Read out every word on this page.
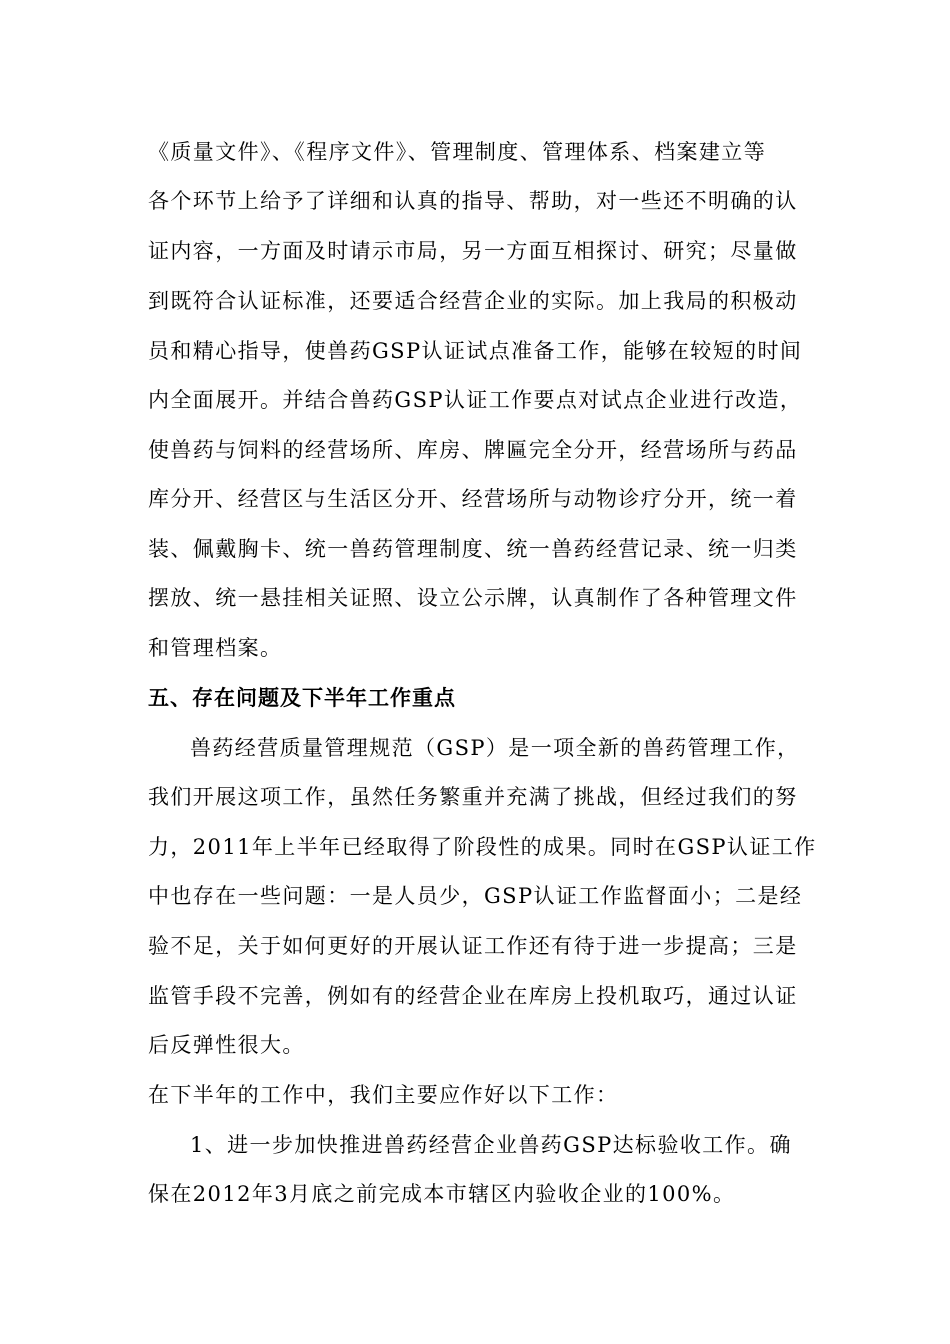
《质量文件》、《程序文件》、管理制度、管理体系、档案建立等
各个环节上给予了详细和认真的指导、帮助，对一些还不明确的认
证内容，一方面及时请示市局，另一方面互相探讨、研究；尽量做
到既符合认证标准，还要适合经营企业的实际。加上我局的积极动
员和精心指导，使兽药GSP认证试点准备工作，能够在较短的时间
内全面展开。并结合兽药GSP认证工作要点对试点企业进行改造，
使兽药与饲料的经营场所、库房、牌匾完全分开，经营场所与药品
库分开、经营区与生活区分开、经营场所与动物诊疗分开，统一着
装、佩戴胸卡、统一兽药管理制度、统一兽药经营记录、统一归类
摆放、统一悬挂相关证照、设立公示牌，认真制作了各种管理文件
和管理档案。
五、存在问题及下半年工作重点
兽药经营质量管理规范（GSP）是一项全新的兽药管理工作，
我们开展这项工作，虽然任务繁重并充满了挑战，但经过我们的努
力，2011年上半年已经取得了阶段性的成果。同时在GSP认证工作
中也存在一些问题：一是人员少，GSP认证工作监督面小；二是经
验不足，关于如何更好的开展认证工作还有待于进一步提高；三是
监管手段不完善，例如有的经营企业在库房上投机取巧，通过认证
后反弹性很大。
在下半年的工作中，我们主要应作好以下工作：
1、进一步加快推进兽药经营企业兽药GSP达标验收工作。确
保在2012年3月底之前完成本市辖区内验收企业的100%。
